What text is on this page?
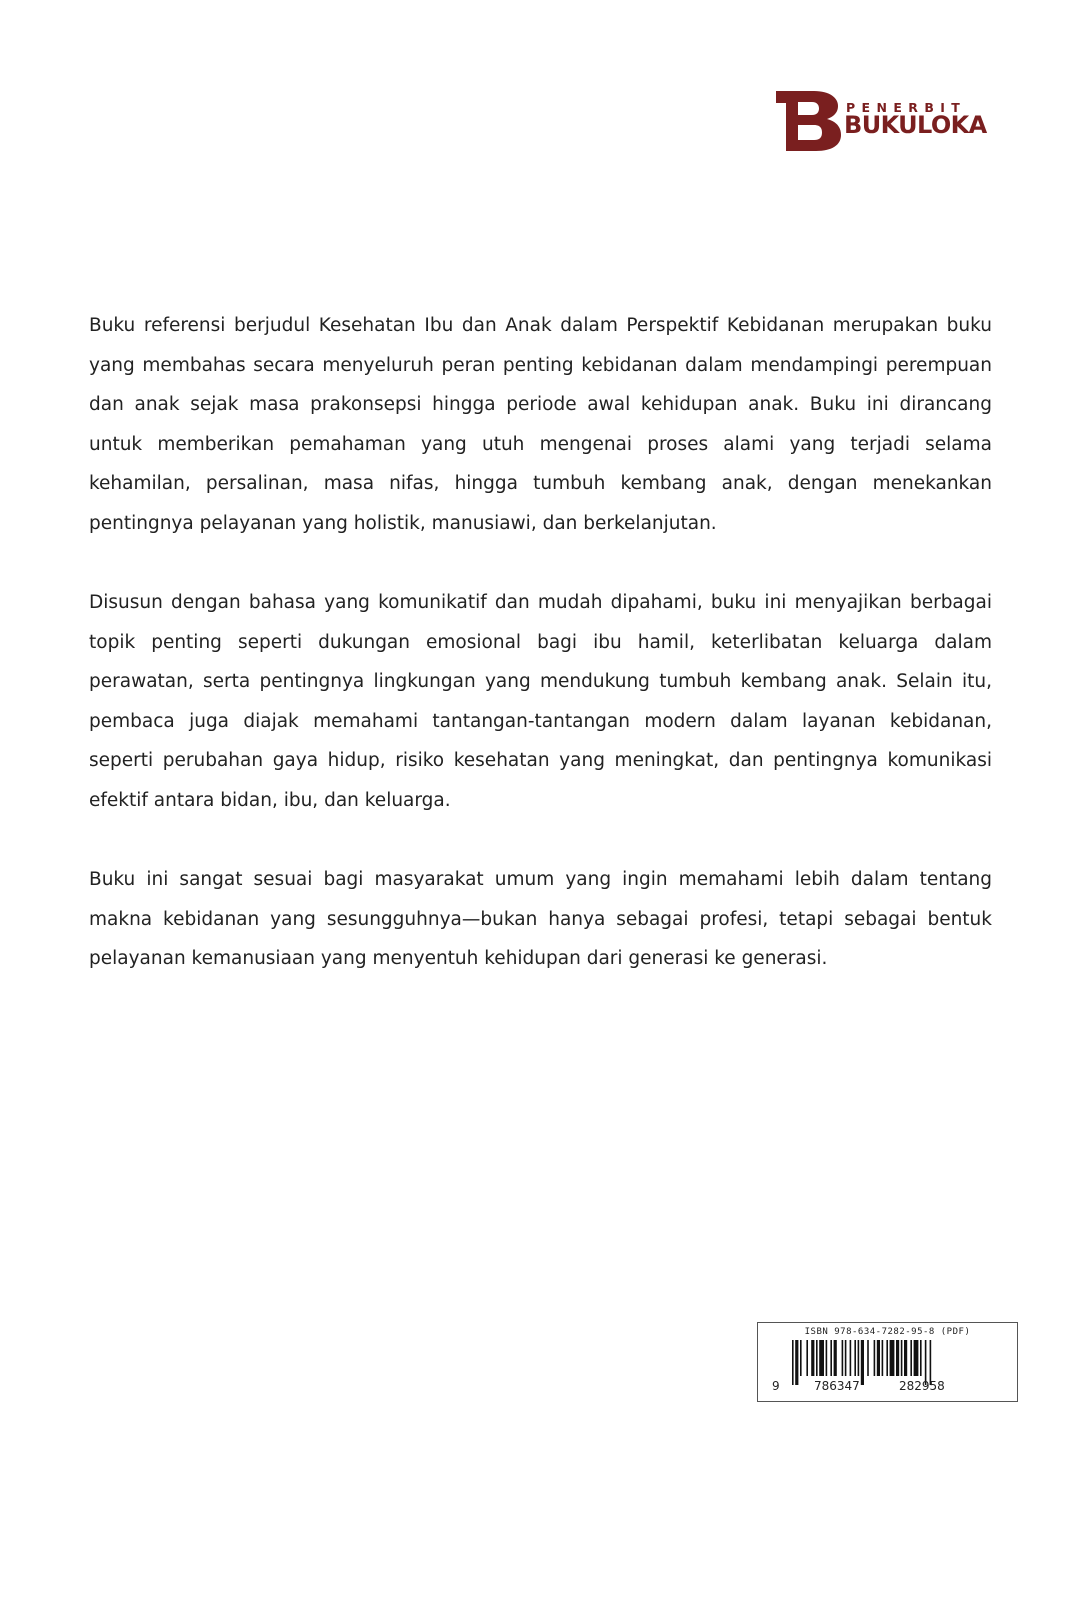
PENERBIT
BUKULOKA

Buku referensi berjudul Kesehatan Ibu dan Anak dalam Perspektif Kebidanan merupakan buku yang membahas secara menyeluruh peran penting kebidanan dalam mendampingi perempuan dan anak sejak masa prakonsepsi hingga periode awal kehidupan anak. Buku ini dirancang untuk memberikan pemahaman yang utuh mengenai proses alami yang terjadi selama kehamilan, persalinan, masa nifas, hingga tumbuh kembang anak, dengan menekankan pentingnya pelayanan yang holistik, manusiawi, dan berkelanjutan.

Disusun dengan bahasa yang komunikatif dan mudah dipahami, buku ini menyajikan berbagai topik penting seperti dukungan emosional bagi ibu hamil, keterlibatan keluarga dalam perawatan, serta pentingnya lingkungan yang mendukung tumbuh kembang anak. Selain itu, pembaca juga diajak memahami tantangan-tantangan modern dalam layanan kebidanan, seperti perubahan gaya hidup, risiko kesehatan yang meningkat, dan pentingnya komunikasi efektif antara bidan, ibu, dan keluarga.

Buku ini sangat sesuai bagi masyarakat umum yang ingin memahami lebih dalam tentang makna kebidanan yang sesungguhnya—bukan hanya sebagai profesi, tetapi sebagai bentuk pelayanan kemanusiaan yang menyentuh kehidupan dari generasi ke generasi.

ISBN 978-634-7282-95-8 (PDF)
9	786347	282958
